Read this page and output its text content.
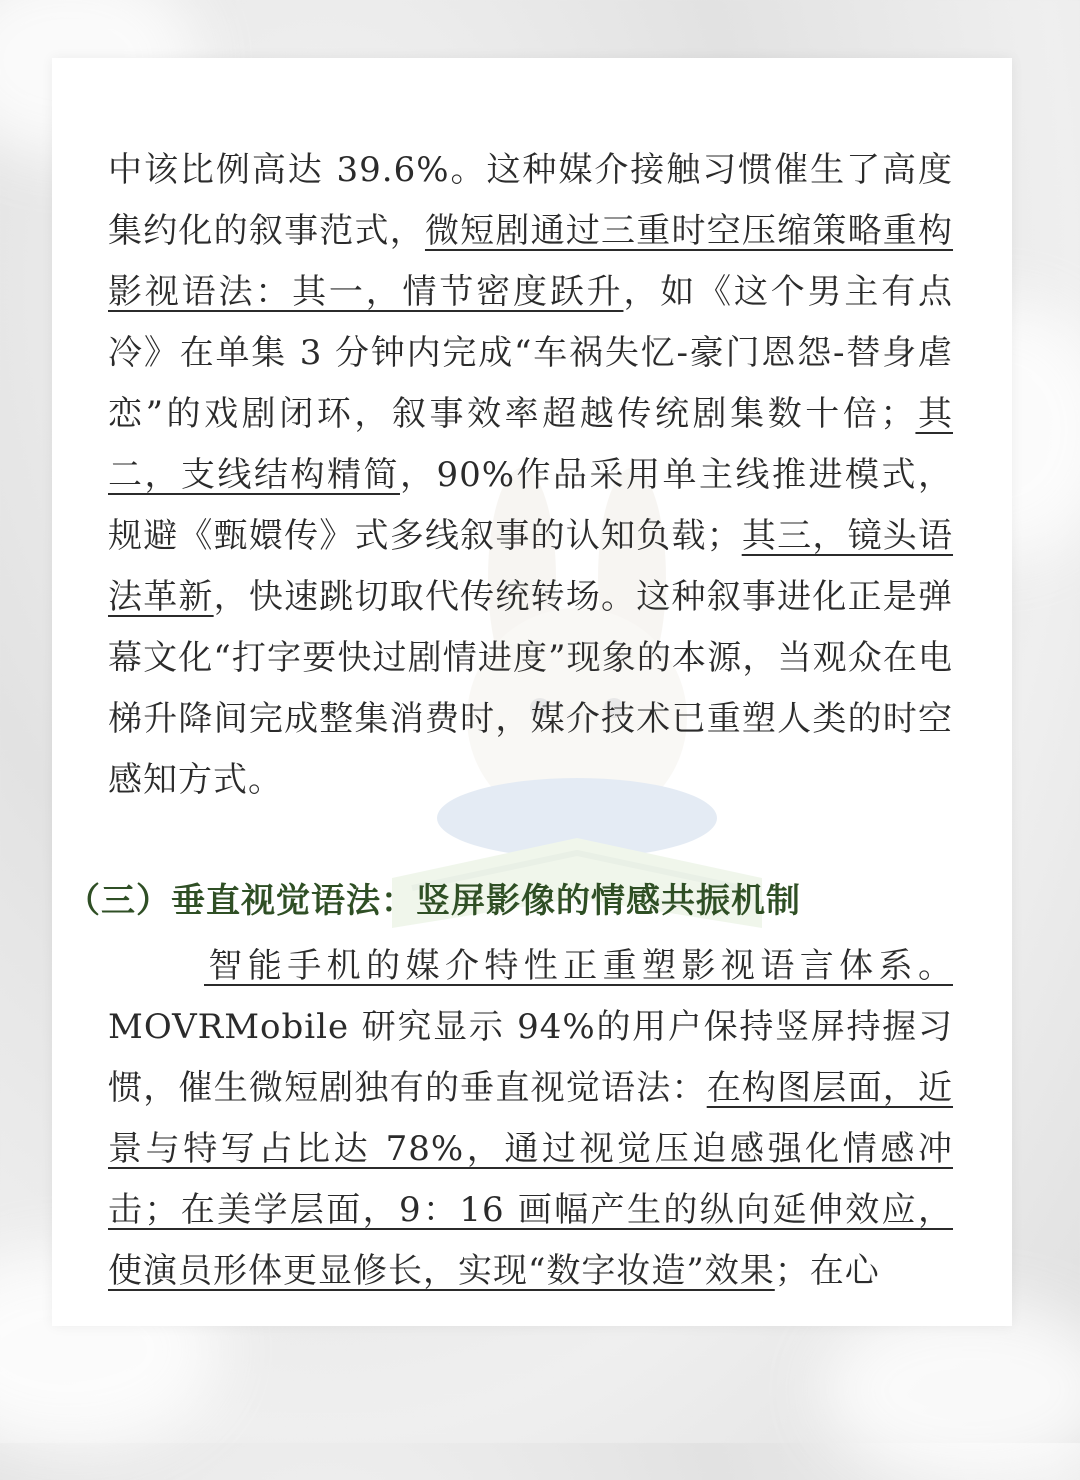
中该比例高达 39.6%。这种媒介接触习惯催生了高度集约化的叙事范式，微短剧通过三重时空压缩策略重构影视语法：其一，情节密度跃升，如《这个男主有点冷》在单集 3 分钟内完成“车祸失忆-豪门恩怨-替身虐恋”的戏剧闭环，叙事效率超越传统剧集数十倍；其二，支线结构精简，90%作品采用单主线推进模式，规避《甄嬛传》式多线叙事的认知负载；其三，镜头语法革新，快速跳切取代传统转场。这种叙事进化正是弹幕文化“打字要快过剧情进度”现象的本源，当观众在电梯升降间完成整集消费时，媒介技术已重塑人类的时空感知方式。

（三）垂直视觉语法：竖屏影像的情感共振机制

智能手机的媒介特性正重塑影视语言体系。MOVRMobile 研究显示 94%的用户保持竖屏持握习惯，催生微短剧独有的垂直视觉语法：在构图层面，近景与特写占比达 78%，通过视觉压迫感强化情感冲击；在美学层面，9：16 画幅产生的纵向延伸效应，使演员形体更显修长，实现“数字妆造”效果；在心
